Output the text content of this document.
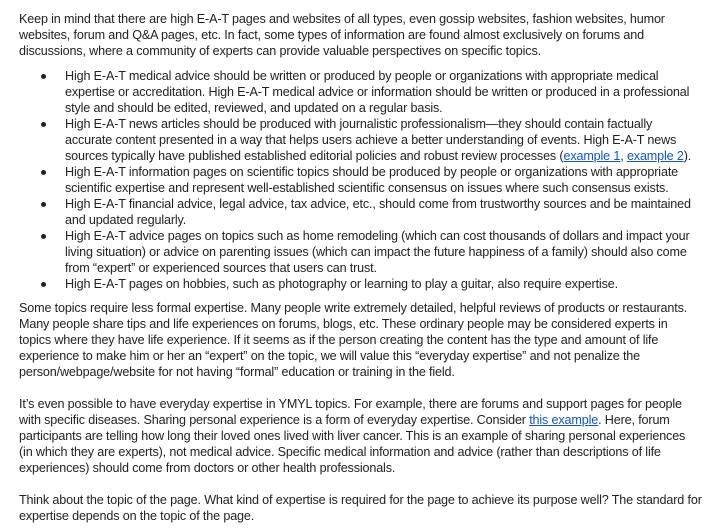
Keep in mind that there are high E-A-T pages and websites of all types, even gossip websites, fashion websites, humor websites, forum and Q&A pages, etc. In fact, some types of information are found almost exclusively on forums and discussions, where a community of experts can provide valuable perspectives on specific topics.

High E-A-T medical advice should be written or produced by people or organizations with appropriate medical expertise or accreditation. High E-A-T medical advice or information should be written or produced in a professional style and should be edited, reviewed, and updated on a regular basis.
High E-A-T news articles should be produced with journalistic professionalism—they should contain factually accurate content presented in a way that helps users achieve a better understanding of events. High E-A-T news sources typically have published established editorial policies and robust review processes (example 1, example 2).
High E-A-T information pages on scientific topics should be produced by people or organizations with appropriate scientific expertise and represent well-established scientific consensus on issues where such consensus exists.
High E-A-T financial advice, legal advice, tax advice, etc., should come from trustworthy sources and be maintained and updated regularly.
High E-A-T advice pages on topics such as home remodeling (which can cost thousands of dollars and impact your living situation) or advice on parenting issues (which can impact the future happiness of a family) should also come from “expert” or experienced sources that users can trust.
High E-A-T pages on hobbies, such as photography or learning to play a guitar, also require expertise.

Some topics require less formal expertise. Many people write extremely detailed, helpful reviews of products or restaurants. Many people share tips and life experiences on forums, blogs, etc. These ordinary people may be considered experts in topics where they have life experience. If it seems as if the person creating the content has the type and amount of life experience to make him or her an “expert” on the topic, we will value this “everyday expertise” and not penalize the person/webpage/website for not having “formal” education or training in the field.

It’s even possible to have everyday expertise in YMYL topics. For example, there are forums and support pages for people with specific diseases. Sharing personal experience is a form of everyday expertise. Consider this example. Here, forum participants are telling how long their loved ones lived with liver cancer. This is an example of sharing personal experiences (in which they are experts), not medical advice. Specific medical information and advice (rather than descriptions of life experiences) should come from doctors or other health professionals.

Think about the topic of the page. What kind of expertise is required for the page to achieve its purpose well? The standard for expertise depends on the topic of the page.
